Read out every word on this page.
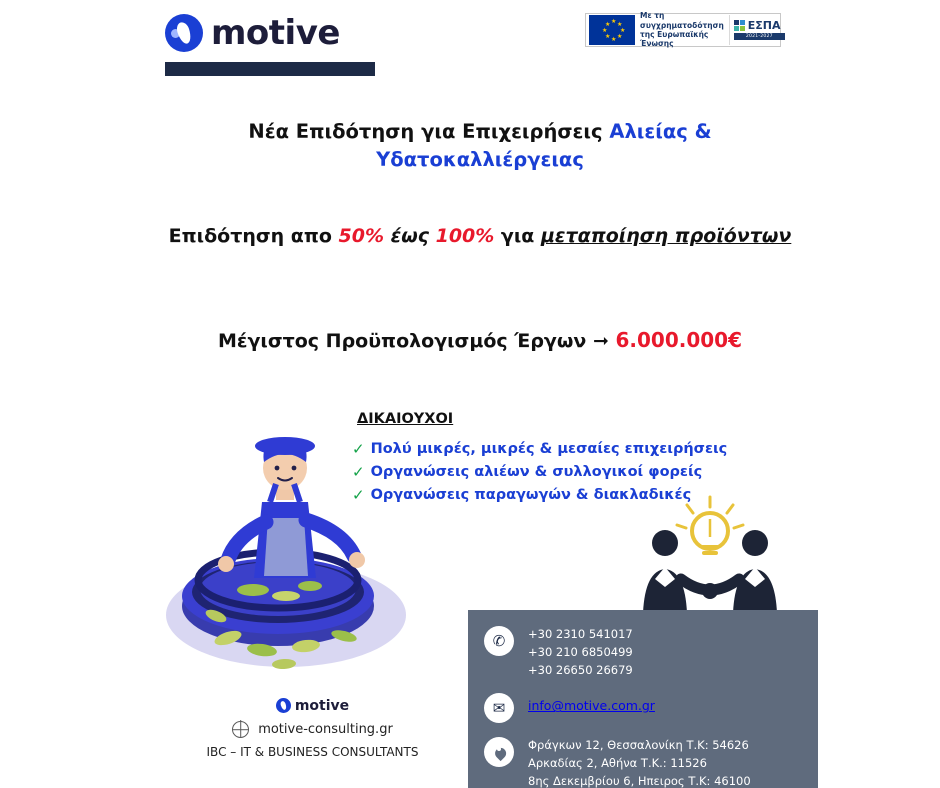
motive	★ ★
★
★
★
★
★
★
Με τη συγχρηματοδότηση
της Ευρωπαϊκής Ένωσης
ΕΣΠΑ
2021-2027
Νέα Επιδότηση για Επιχειρήσεις Αλιείας & Υδατοκαλλιέργειας
Επιδότηση απο 50% έως 100% για μεταποίηση προϊόντων
Μέγιστος Προϋπολογισμός Έργων ➞ 6.000.000€
ΔΙΚΑΙΟΥΧΟΙ
✓ Πολύ μικρές, μικρές & μεσαίες επιχειρήσεις
✓ Οργανώσεις αλιέων & συλλογικοί φορείς
✓ Οργανώσεις παραγωγών & διακλαδικές
motive
motive-consulting.gr
IBC – IT & BUSINESS CONSULTANTS
✆	+30 2310 541017
+30 210 6850499
+30 26650 26679
✉	info@motive.com.gr
Φράγκων 12, Θεσσαλονίκη Τ.Κ: 54626
Αρκαδίας 2, Αθήνα Τ.Κ.: 11526
8ης Δεκεμβρίου 6, Ηπειρος Τ.Κ: 46100
